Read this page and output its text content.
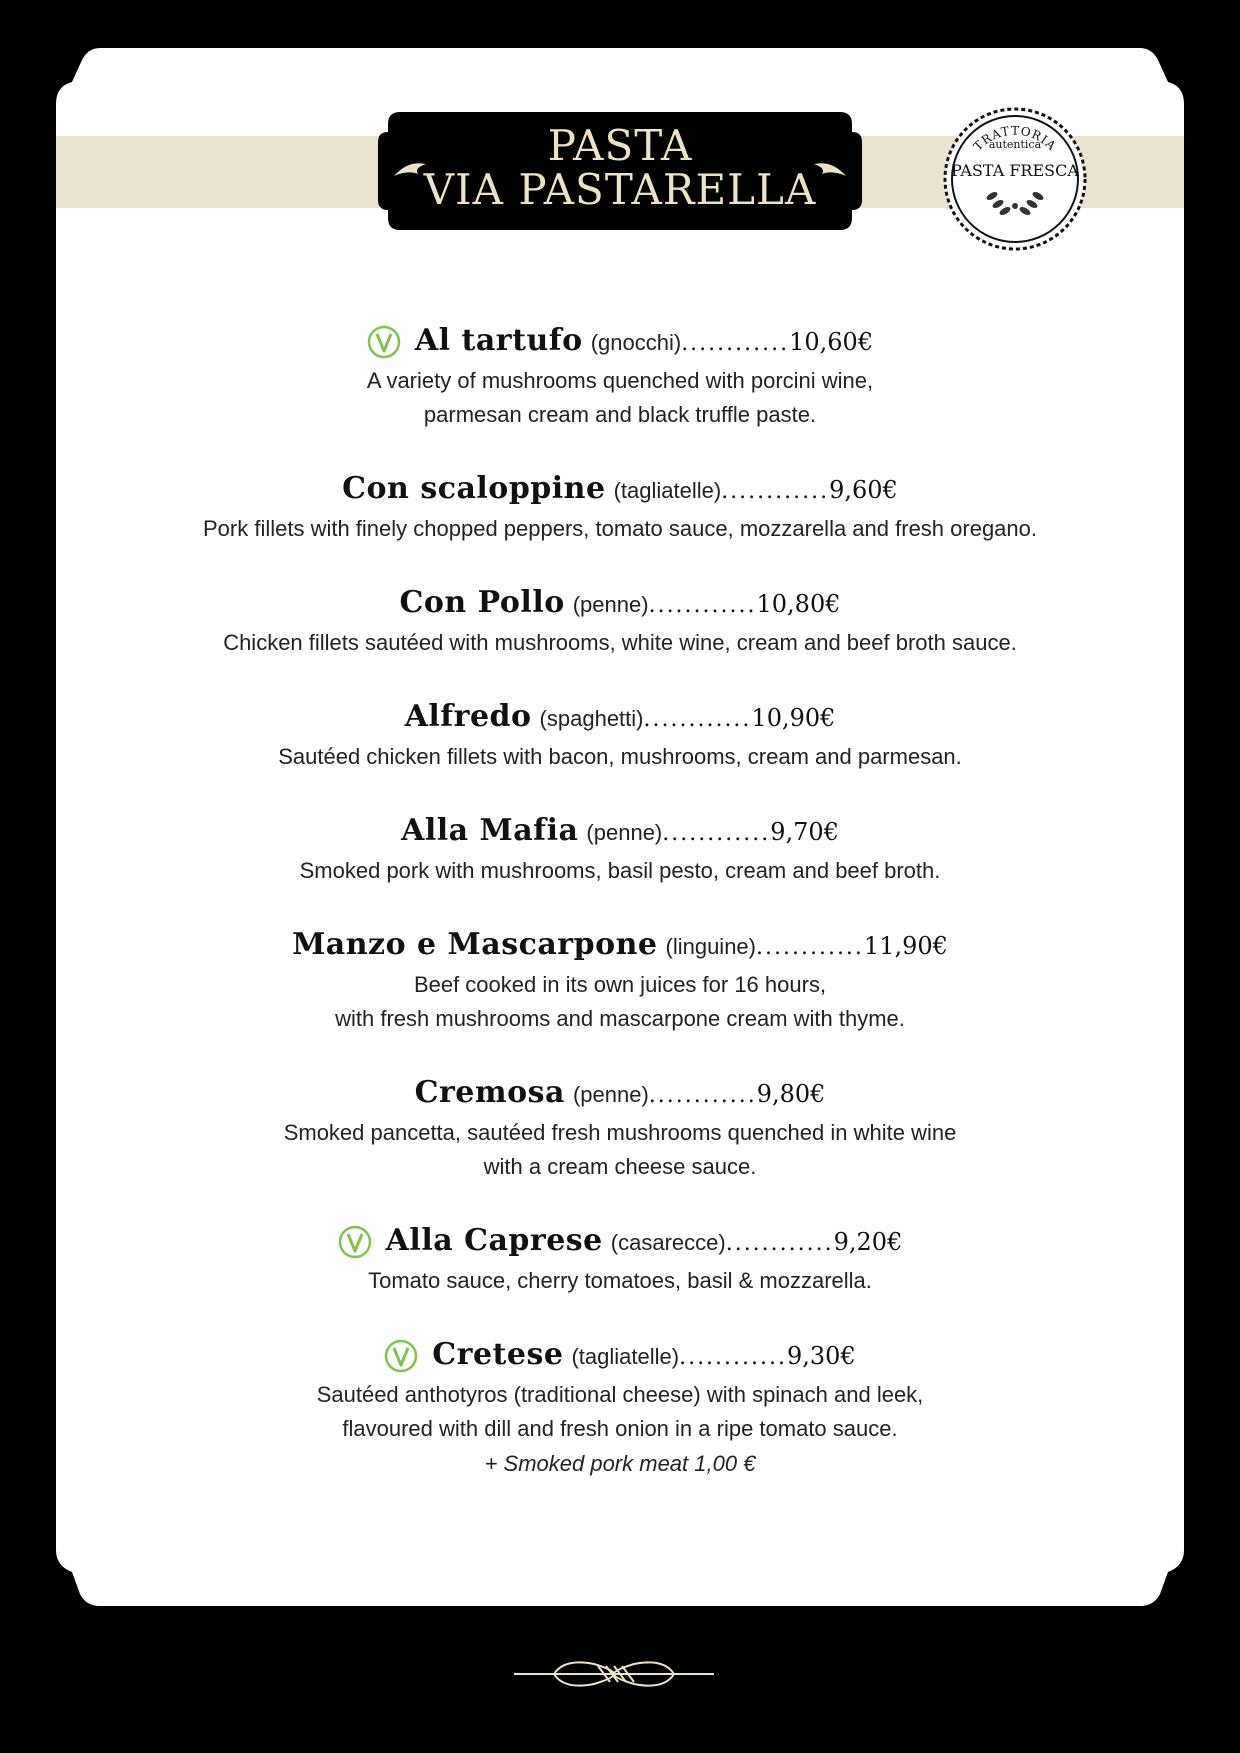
PASTA
VIA PASTARELLA
TRATTORIA
autentica
PASTA FRESCA
Al tartufo (gnocchi)............10,60€
A variety of mushrooms quenched with porcini wine,
parmesan cream and black truffle paste.
Con scaloppine (tagliatelle)............9,60€
Pork fillets with finely chopped peppers, tomato sauce, mozzarella and fresh oregano.
Con Pollo (penne)............10,80€
Chicken fillets sautéed with mushrooms, white wine, cream and beef broth sauce.
Alfredo (spaghetti)............10,90€
Sautéed chicken fillets with bacon, mushrooms, cream and parmesan.
Alla Mafia (penne)............9,70€
Smoked pork with mushrooms, basil pesto, cream and beef broth.
Manzo e Mascarpone (linguine)............11,90€
Beef cooked in its own juices for 16 hours,
with fresh mushrooms and mascarpone cream with thyme.
Cremosa (penne)............9,80€
Smoked pancetta, sautéed fresh mushrooms quenched in white wine
with a cream cheese sauce.
Alla Caprese (casarecce)............9,20€
Tomato sauce, cherry tomatoes, basil & mozzarella.
Cretese (tagliatelle)............9,30€
Sautéed anthotyros (traditional cheese) with spinach and leek,
flavoured with dill and fresh onion in a ripe tomato sauce.
+ Smoked pork meat 1,00 €
